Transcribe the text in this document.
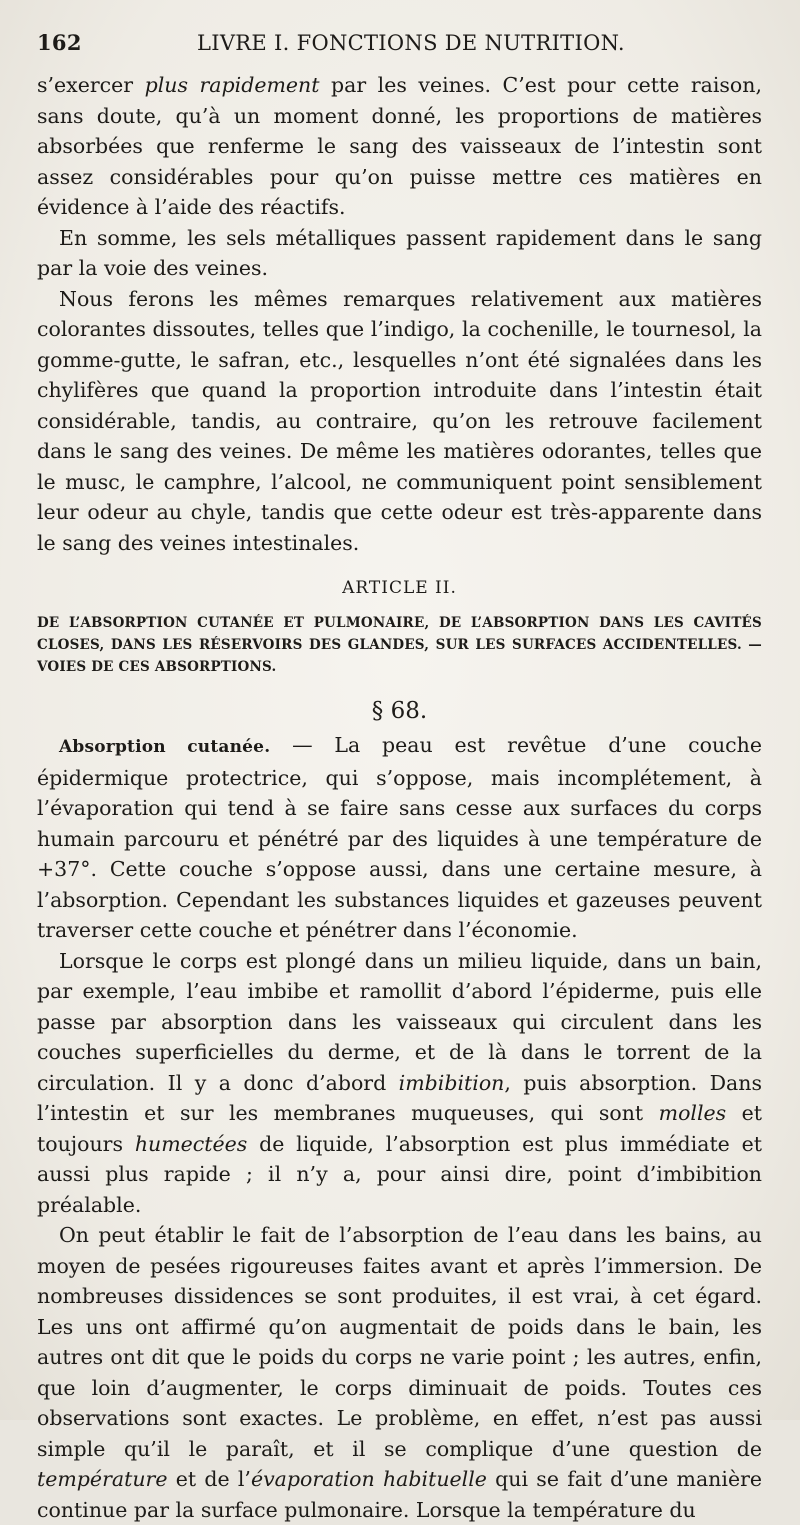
162	LIVRE I. FONCTIONS DE NUTRITION.

s’exercer plus rapidement par les veines. C’est pour cette raison, sans doute, qu’à un moment donné, les proportions de matières absorbées que renferme le sang des vaisseaux de l’intestin sont assez considérables pour qu’on puisse mettre ces matières en évidence à l’aide des réactifs.

En somme, les sels métalliques passent rapidement dans le sang par la voie des veines.

Nous ferons les mêmes remarques relativement aux matières colorantes dissoutes, telles que l’indigo, la cochenille, le tournesol, la gomme-gutte, le safran, etc., lesquelles n’ont été signalées dans les chylifères que quand la proportion introduite dans l’intestin était considérable, tandis, au contraire, qu’on les retrouve facilement dans le sang des veines. De même les matières odorantes, telles que le musc, le camphre, l’alcool, ne communiquent point sensiblement leur odeur au chyle, tandis que cette odeur est très-apparente dans le sang des veines intestinales.

ARTICLE II.

DE L’ABSORPTION CUTANÉE ET PULMONAIRE, DE L’ABSORPTION DANS LES CAVITÉS CLOSES, DANS LES RÉSERVOIRS DES GLANDES, SUR LES SURFACES ACCIDENTELLES. — VOIES DE CES ABSORPTIONS.

§ 68.

Absorption cutanée. — La peau est revêtue d’une couche épidermique protectrice, qui s’oppose, mais incomplétement, à l’évaporation qui tend à se faire sans cesse aux surfaces du corps humain parcouru et pénétré par des liquides à une température de +37°. Cette couche s’oppose aussi, dans une certaine mesure, à l’absorption. Cependant les substances liquides et gazeuses peuvent traverser cette couche et pénétrer dans l’économie.

Lorsque le corps est plongé dans un milieu liquide, dans un bain, par exemple, l’eau imbibe et ramollit d’abord l’épiderme, puis elle passe par absorption dans les vaisseaux qui circulent dans les couches superficielles du derme, et de là dans le torrent de la circulation. Il y a donc d’abord imbibition, puis absorption. Dans l’intestin et sur les membranes muqueuses, qui sont molles et toujours humectées de liquide, l’absorption est plus immédiate et aussi plus rapide ; il n’y a, pour ainsi dire, point d’imbibition préalable.

On peut établir le fait de l’absorption de l’eau dans les bains, au moyen de pesées rigoureuses faites avant et après l’immersion. De nombreuses dissidences se sont produites, il est vrai, à cet égard. Les uns ont affirmé qu’on augmentait de poids dans le bain, les autres ont dit que le poids du corps ne varie point ; les autres, enfin, que loin d’augmenter, le corps diminuait de poids. Toutes ces observations sont exactes. Le problème, en effet, n’est pas aussi simple qu’il le paraît, et il se complique d’une question de température et de l’évaporation habituelle qui se fait d’une manière continue par la surface pulmonaire. Lorsque la température du
